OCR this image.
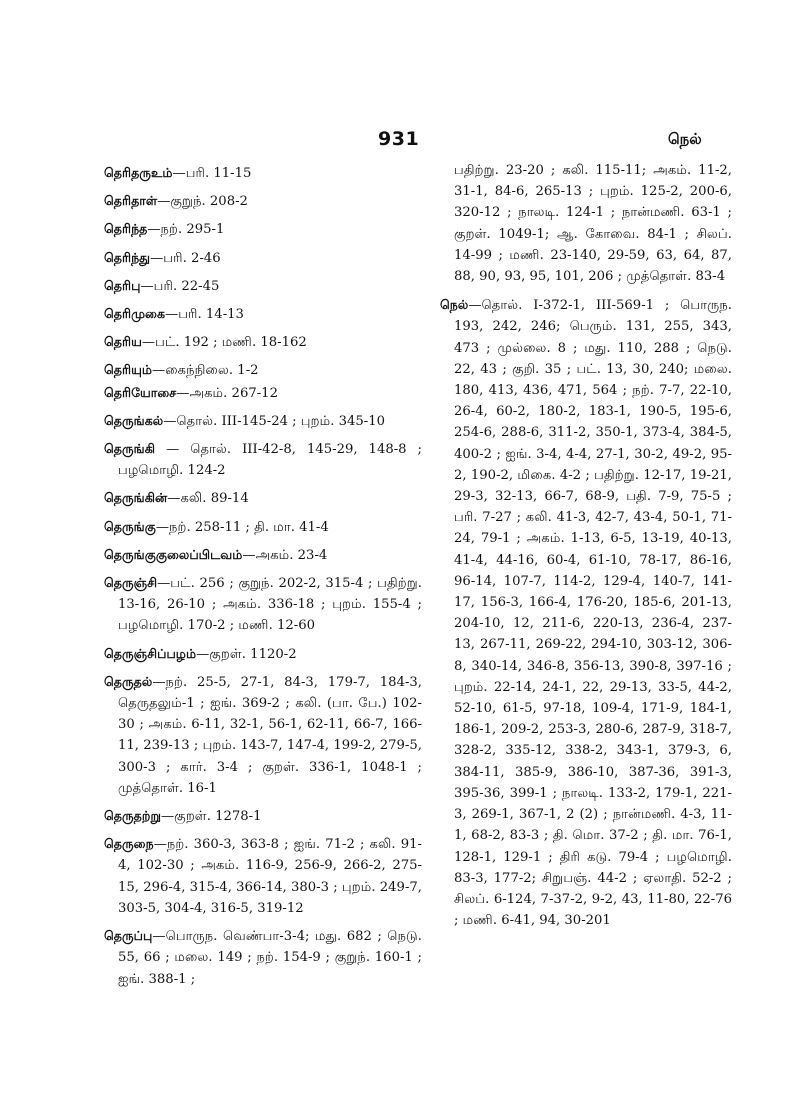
931	நெல்
தெரிதருஉம்—பரி. 11-15
தெரிதாள்—குறுந். 208-2
தெரிந்த—நற். 295-1
தெரிந்து—பரி. 2-46
தெரிபு—பரி. 22-45
தெரிமுகை—பரி. 14-13
தெரிய—பட். 192 ; மணி. 18-162
தெரியும்—கைந்நிலை. 1-2
தெரியோசை—அகம். 267-12
தெருங்கல்—தொல். III-145-24 ; புறம். 345-10
தெருங்கி — தொல். III-42-8, 145-29, 148-8 ; பழமொழி. 124-2
தெருங்கின்—கலி. 89-14
தெருங்கு—நற். 258-11 ; தி. மா. 41-4
தெருங்குகுலைப்பிடவம்—அகம். 23-4
தெருஞ்சி—பட். 256 ; குறுந். 202-2, 315-4 ; பதிற்று. 13-16, 26-10 ; அகம். 336-18 ; புறம். 155-4 ; பழமொழி. 170-2 ; மணி. 12-60
தெருஞ்சிப்பழம்—குறள். 1120-2
தெருதல்—நற். 25-5, 27-1, 84-3, 179-7, 184-3, தெருதலும்-1 ; ஐங். 369-2 ; கலி. (பா. பே.) 102-30 ; அகம். 6-11, 32-1, 56-1, 62-11, 66-7, 166-11, 239-13 ; புறம். 143-7, 147-4, 199-2, 279-5, 300-3 ; கார். 3-4 ; குறள். 336-1, 1048-1 ; முத்தொள். 16-1
தெருதற்று—குறள். 1278-1
தெருநை—நற். 360-3, 363-8 ; ஐங். 71-2 ; கலி. 91-4, 102-30 ; அகம். 116-9, 256-9, 266-2, 275-15, 296-4, 315-4, 366-14, 380-3 ; புறம். 249-7, 303-5, 304-4, 316-5, 319-12
தெருப்பு—பொருந. வெண்பா-3-4; மது. 682 ; நெடு. 55, 66 ; மலை. 149 ; நற். 154-9 ; குறுந். 160-1 ; ஐங். 388-1 ;
பதிற்று. 23-20 ; கலி. 115-11; அகம். 11-2, 31-1, 84-6, 265-13 ; புறம். 125-2, 200-6, 320-12 ; நாலடி. 124-1 ; நான்மணி. 63-1 ; குறள். 1049-1; ஆ. கோவை. 84-1 ; சிலப். 14-99 ; மணி. 23-140, 29-59, 63, 64, 87, 88, 90, 93, 95, 101, 206 ; முத்தொள். 83-4
நெல்—தொல். I-372-1, III-569-1 ; பொருந. 193, 242, 246; பெரும். 131, 255, 343, 473 ; முல்லை. 8 ; மது. 110, 288 ; நெடு. 22, 43 ; குறி. 35 ; பட். 13, 30, 240; மலை. 180, 413, 436, 471, 564 ; நற். 7-7, 22-10, 26-4, 60-2, 180-2, 183-1, 190-5, 195-6, 254-6, 288-6, 311-2, 350-1, 373-4, 384-5, 400-2 ; ஐங். 3-4, 4-4, 27-1, 30-2, 49-2, 95-2, 190-2, மிகை. 4-2 ; பதிற்று. 12-17, 19-21, 29-3, 32-13, 66-7, 68-9, பதி. 7-9, 75-5 ; பரி. 7-27 ; கலி. 41-3, 42-7, 43-4, 50-1, 71-24, 79-1 ; அகம். 1-13, 6-5, 13-19, 40-13, 41-4, 44-16, 60-4, 61-10, 78-17, 86-16, 96-14, 107-7, 114-2, 129-4, 140-7, 141-17, 156-3, 166-4, 176-20, 185-6, 201-13, 204-10, 12, 211-6, 220-13, 236-4, 237-13, 267-11, 269-22, 294-10, 303-12, 306-8, 340-14, 346-8, 356-13, 390-8, 397-16 ; புறம். 22-14, 24-1, 22, 29-13, 33-5, 44-2, 52-10, 61-5, 97-18, 109-4, 171-9, 184-1, 186-1, 209-2, 253-3, 280-6, 287-9, 318-7, 328-2, 335-12, 338-2, 343-1, 379-3, 6, 384-11, 385-9, 386-10, 387-36, 391-3, 395-36, 399-1 ; நாலடி. 133-2, 179-1, 221-3, 269-1, 367-1, 2 (2) ; நான்மணி. 4-3, 11-1, 68-2, 83-3 ; தி. மொ. 37-2 ; தி. மா. 76-1, 128-1, 129-1 ; திரி கடு. 79-4 ; பழமொழி. 83-3, 177-2; சிறுபஞ். 44-2 ; ஏலாதி. 52-2 ; சிலப். 6-124, 7-37-2, 9-2, 43, 11-80, 22-76 ; மணி. 6-41, 94, 30-201
